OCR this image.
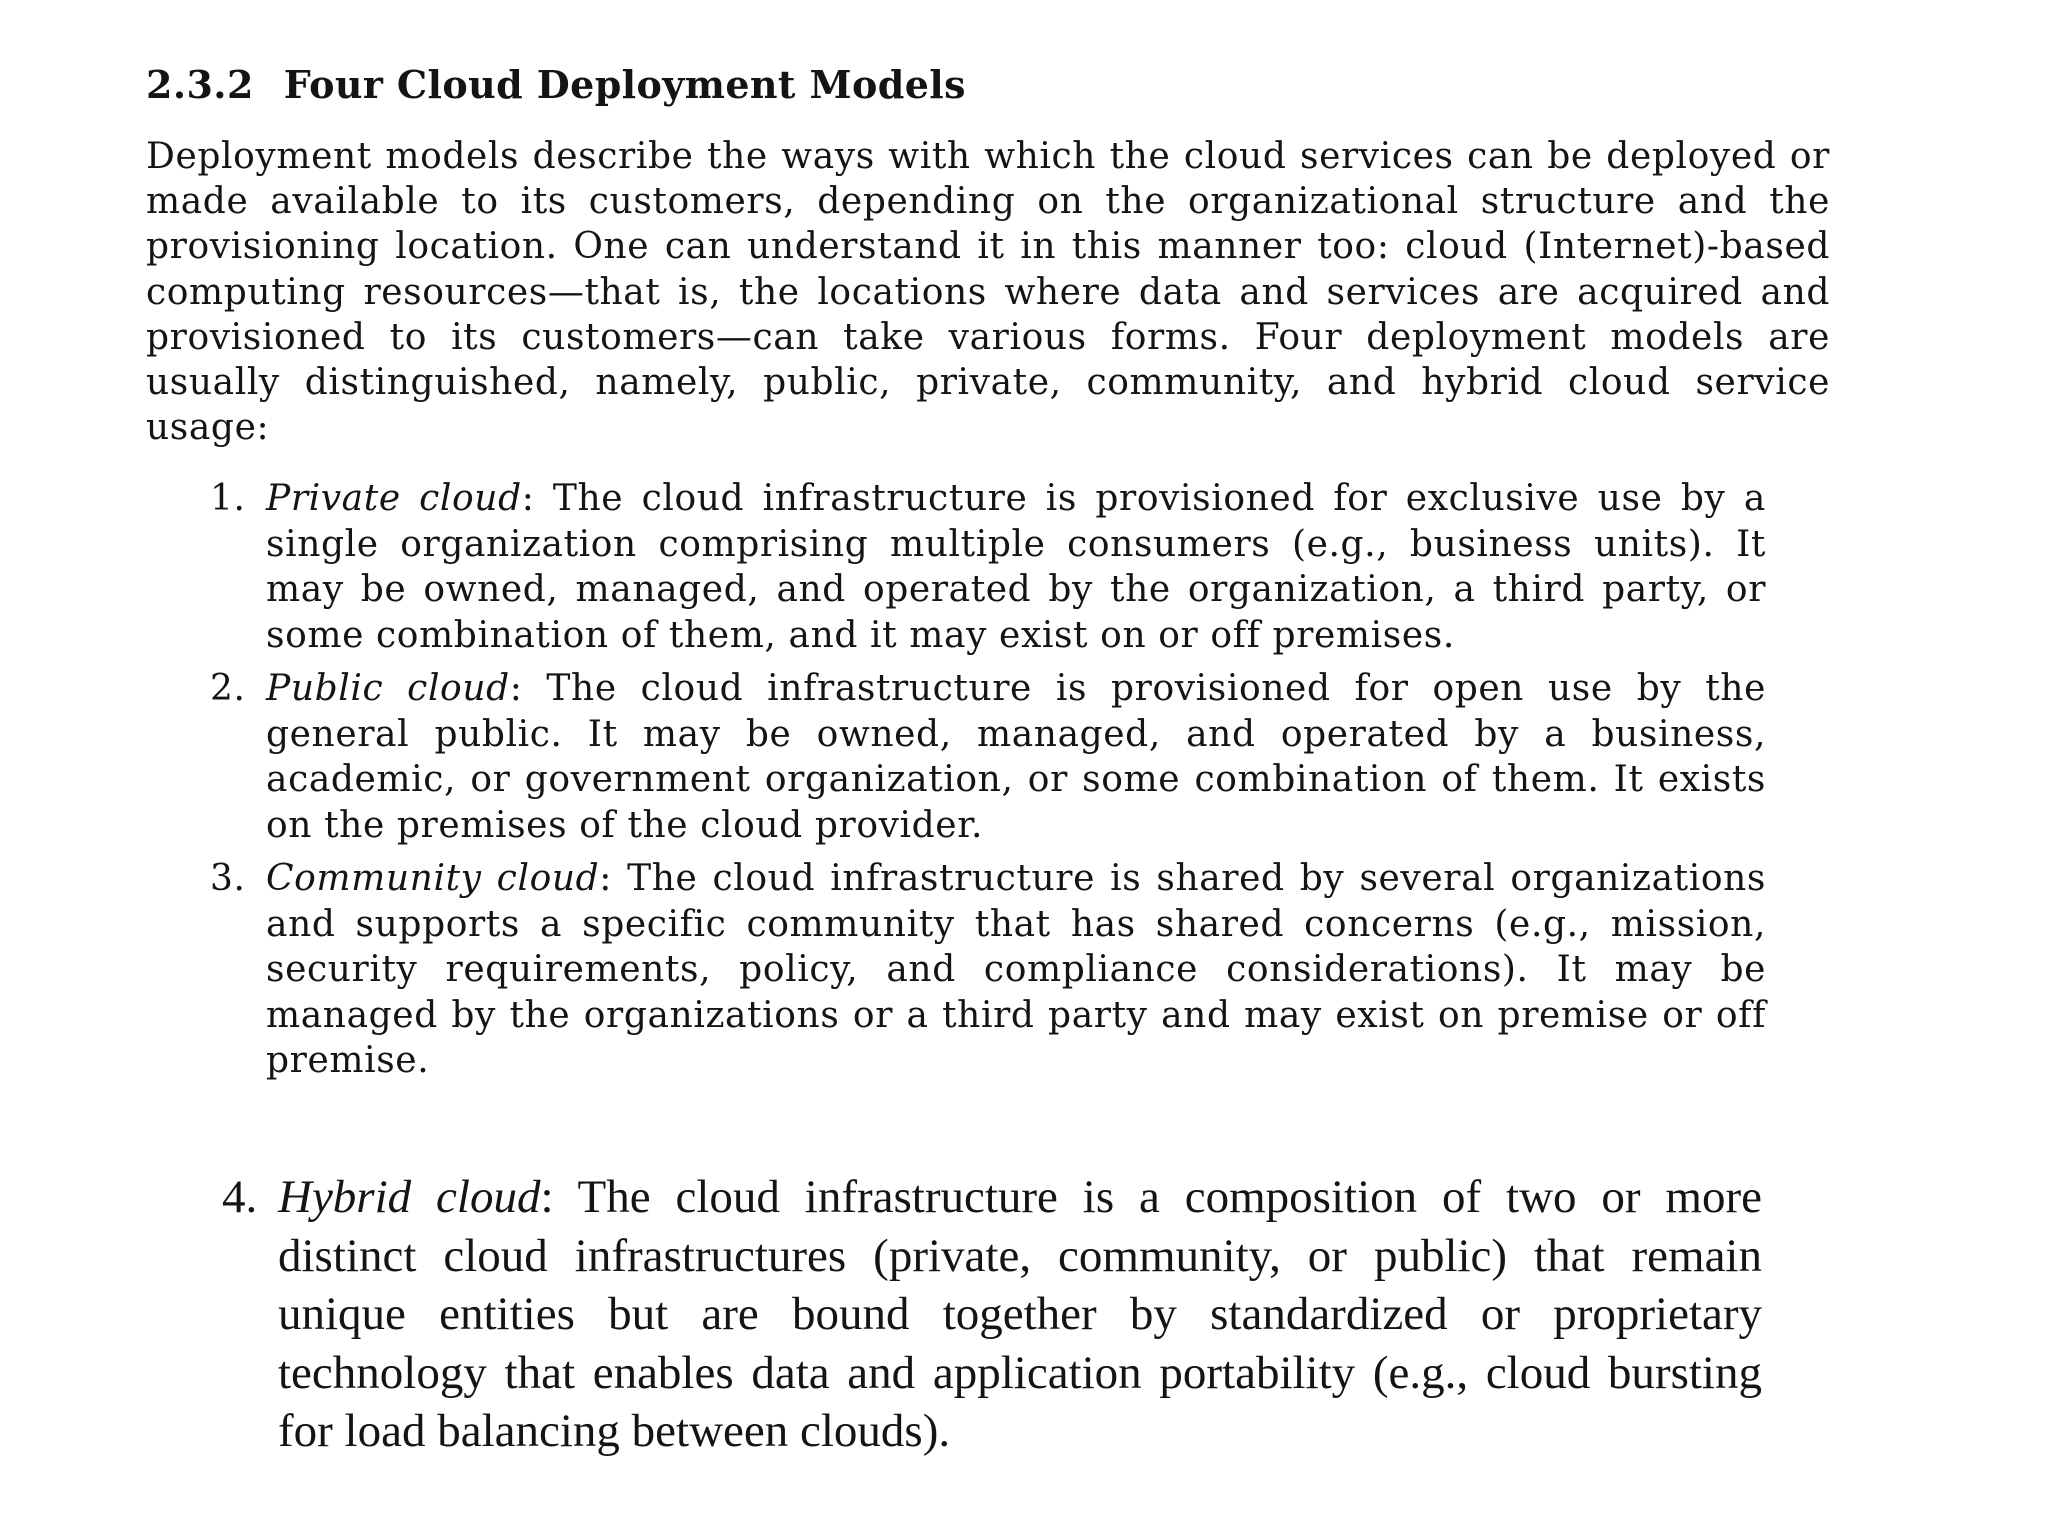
2.3.2 Four Cloud Deployment Models

Deployment models describe the ways with which the cloud services can be deployed or made available to its customers, depending on the organizational structure and the provisioning location. One can understand it in this manner too: cloud (Internet)-based computing resources—that is, the locations where data and services are acquired and provisioned to its customers—can take various forms. Four deployment models are usually distinguished, namely, public, private, community, and hybrid cloud service usage:

1. Private cloud: The cloud infrastructure is provisioned for exclusive use by a single organization comprising multiple consumers (e.g., business units). It may be owned, managed, and operated by the organization, a third party, or some combination of them, and it may exist on or off premises.
2. Public cloud: The cloud infrastructure is provisioned for open use by the general public. It may be owned, managed, and operated by a business, academic, or government organization, or some combination of them. It exists on the premises of the cloud provider.
3. Community cloud: The cloud infrastructure is shared by several organizations and supports a specific community that has shared concerns (e.g., mission, security requirements, policy, and compliance considerations). It may be managed by the organizations or a third party and may exist on premise or off premise.
4. Hybrid cloud: The cloud infrastructure is a composition of two or more distinct cloud infrastructures (private, community, or public) that remain unique entities but are bound together by standardized or proprietary technology that enables data and application portability (e.g., cloud bursting for load balancing between clouds).
